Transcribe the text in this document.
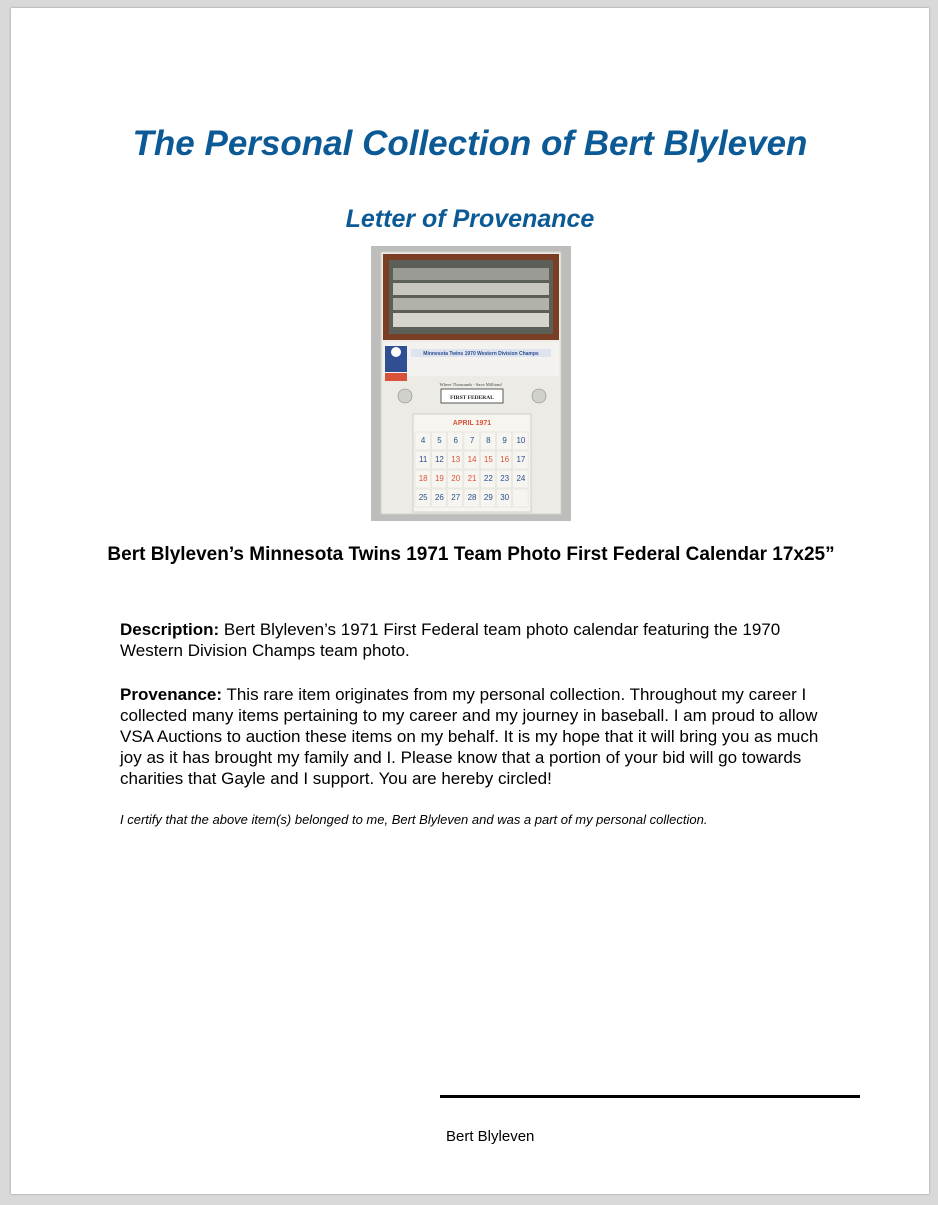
The Personal Collection of Bert Blyleven
Letter of Provenance
Minnesota Twins 1970 Western Division Champs
Where Thousands - Save Millions!
FIRST FEDERAL
APRIL 1971
4 5 6 7 8 9 10
11 12 13 14 15 16 17
18 19 20 21 22 23 24
25 26 27 28 29 30

Bert Blyleven’s Minnesota Twins 1971 Team Photo First Federal Calendar 17x25”

Description: Bert Blyleven’s 1971 First Federal team photo calendar featuring the 1970 Western Division Champs team photo.

Provenance: This rare item originates from my personal collection. Throughout my career I collected many items pertaining to my career and my journey in baseball. I am proud to allow VSA Auctions to auction these items on my behalf. It is my hope that it will bring you as much joy as it has brought my family and I. Please know that a portion of your bid will go towards charities that Gayle and I support. You are hereby circled!

I certify that the above item(s) belonged to me, Bert Blyleven and was a part of my personal collection.

Bert Blyleven
